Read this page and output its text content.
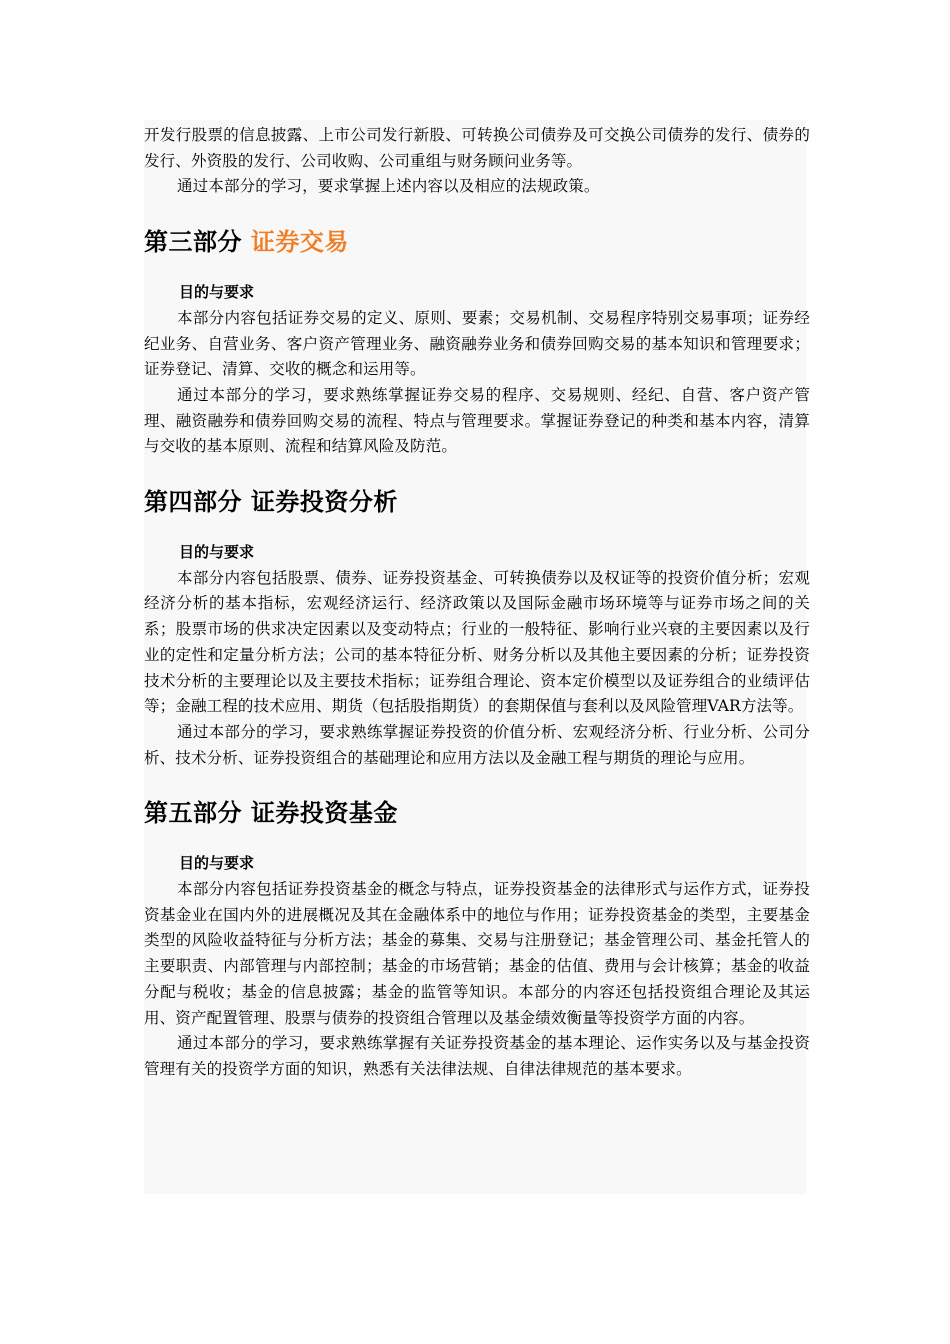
开发行股票的信息披露、上市公司发行新股、可转换公司债券及可交换公司债券的发行、债券的发行、外资股的发行、公司收购、公司重组与财务顾问业务等。

通过本部分的学习，要求掌握上述内容以及相应的法规政策。

第三部分 证券交易

目的与要求

本部分内容包括证券交易的定义、原则、要素；交易机制、交易程序特别交易事项；证券经纪业务、自营业务、客户资产管理业务、融资融券业务和债券回购交易的基本知识和管理要求；证券登记、清算、交收的概念和运用等。

通过本部分的学习，要求熟练掌握证券交易的程序、交易规则、经纪、自营、客户资产管理、融资融券和债券回购交易的流程、特点与管理要求。掌握证券登记的种类和基本内容，清算与交收的基本原则、流程和结算风险及防范。

第四部分 证券投资分析

目的与要求

本部分内容包括股票、债券、证券投资基金、可转换债券以及权证等的投资价值分析；宏观经济分析的基本指标，宏观经济运行、经济政策以及国际金融市场环境等与证券市场之间的关系；股票市场的供求决定因素以及变动特点；行业的一般特征、影响行业兴衰的主要因素以及行业的定性和定量分析方法；公司的基本特征分析、财务分析以及其他主要因素的分析；证券投资技术分析的主要理论以及主要技术指标；证券组合理论、资本定价模型以及证券组合的业绩评估等；金融工程的技术应用、期货（包括股指期货）的套期保值与套利以及风险管理VAR方法等。

通过本部分的学习，要求熟练掌握证券投资的价值分析、宏观经济分析、行业分析、公司分析、技术分析、证券投资组合的基础理论和应用方法以及金融工程与期货的理论与应用。

第五部分 证券投资基金

目的与要求

本部分内容包括证券投资基金的概念与特点，证券投资基金的法律形式与运作方式，证券投资基金业在国内外的进展概况及其在金融体系中的地位与作用；证券投资基金的类型，主要基金类型的风险收益特征与分析方法；基金的募集、交易与注册登记；基金管理公司、基金托管人的主要职责、内部管理与内部控制；基金的市场营销；基金的估值、费用与会计核算；基金的收益分配与税收；基金的信息披露；基金的监管等知识。本部分的内容还包括投资组合理论及其运用、资产配置管理、股票与债券的投资组合管理以及基金绩效衡量等投资学方面的内容。

通过本部分的学习，要求熟练掌握有关证券投资基金的基本理论、运作实务以及与基金投资管理有关的投资学方面的知识，熟悉有关法律法规、自律法律规范的基本要求。
